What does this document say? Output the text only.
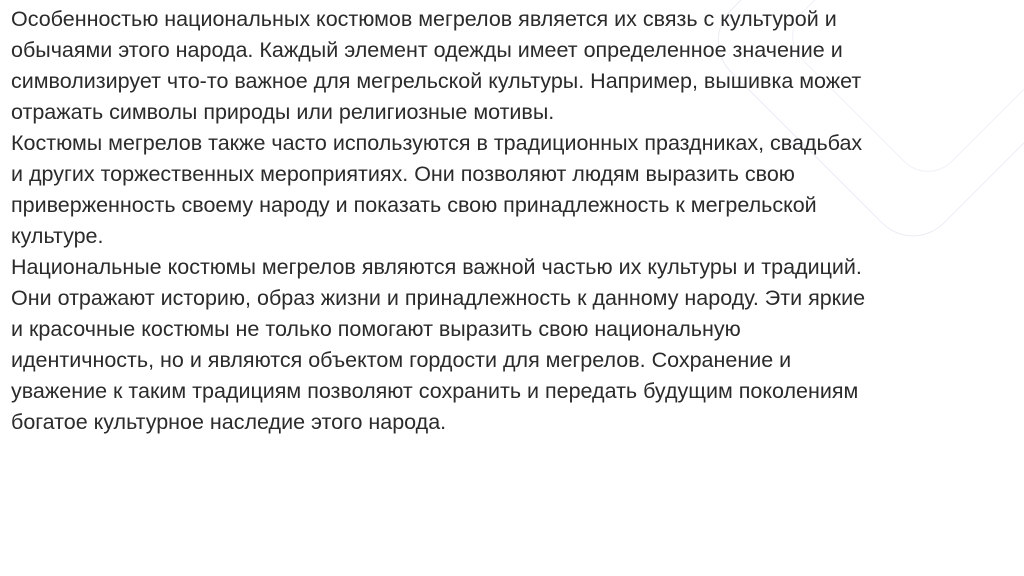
Особенностью национальных костюмов мегрелов является их связь с культурой и
обычаями этого народа. Каждый элемент одежды имеет определенное значение и
символизирует что-то важное для мегрельской культуры. Например, вышивка может
отражать символы природы или религиозные мотивы.

Костюмы мегрелов также часто используются в традиционных праздниках, свадьбах
и других торжественных мероприятиях. Они позволяют людям выразить свою
приверженность своему народу и показать свою принадлежность к мегрельской
культуре.

Национальные костюмы мегрелов являются важной частью их культуры и традиций.
Они отражают историю, образ жизни и принадлежность к данному народу. Эти яркие
и красочные костюмы не только помогают выразить свою национальную
идентичность, но и являются объектом гордости для мегрелов. Сохранение и
уважение к таким традициям позволяют сохранить и передать будущим поколениям
богатое культурное наследие этого народа.
